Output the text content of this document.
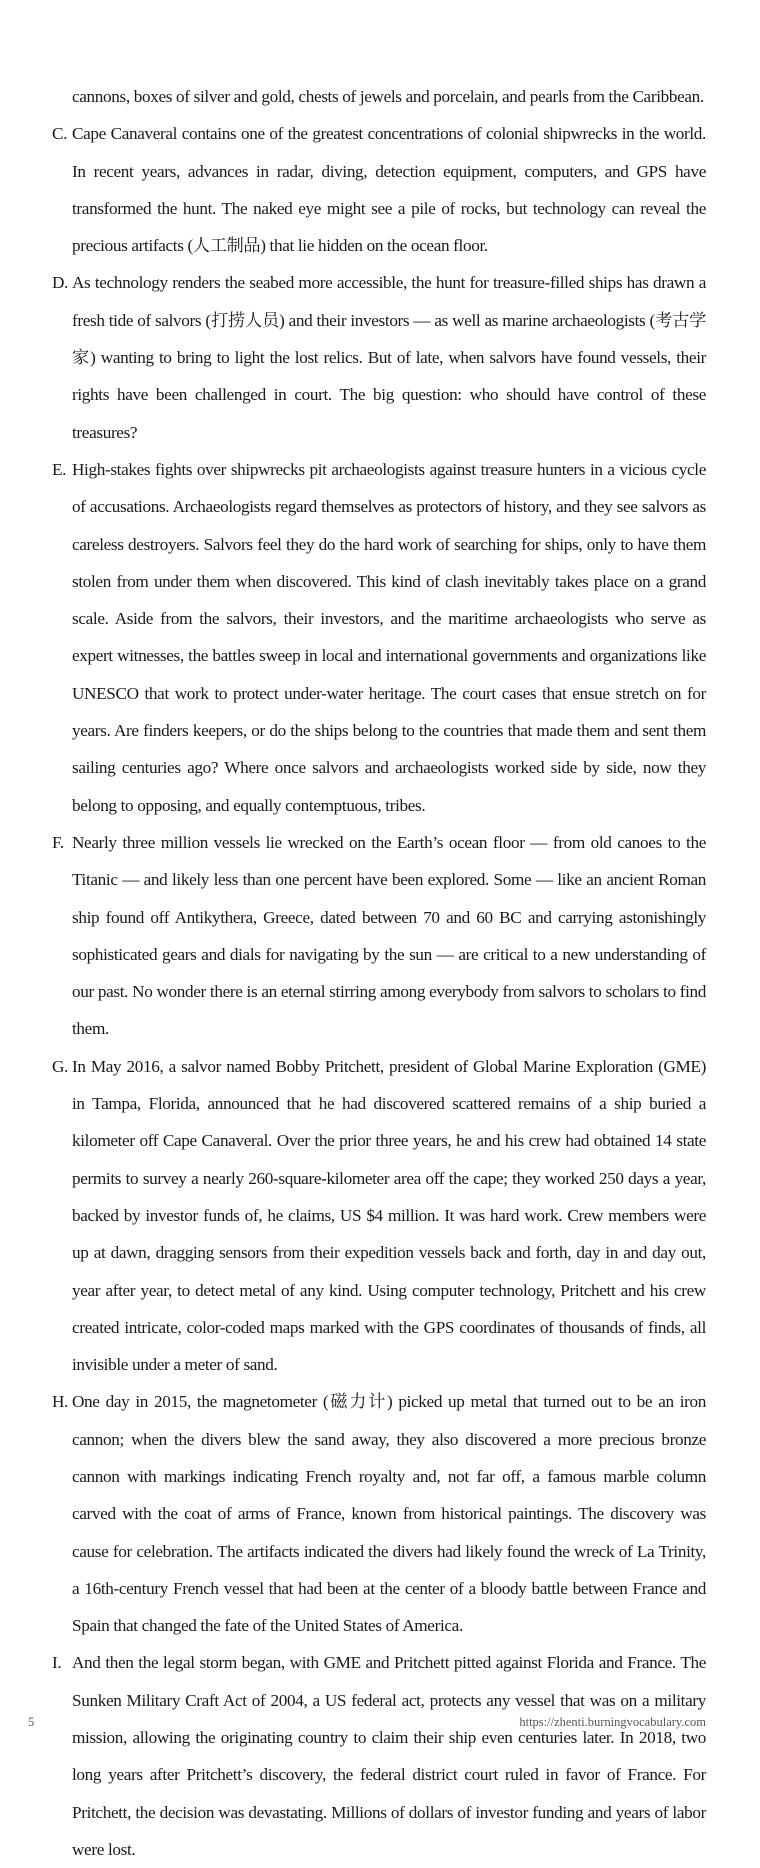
cannons, boxes of silver and gold, chests of jewels and porcelain, and pearls from the Caribbean.

C. Cape Canaveral contains one of the greatest concentrations of colonial shipwrecks in the world. In recent years, advances in radar, diving, detection equipment, computers, and GPS have transformed the hunt. The naked eye might see a pile of rocks, but technology can reveal the precious artifacts (人工制品) that lie hidden on the ocean floor.

D. As technology renders the seabed more accessible, the hunt for treasure-filled ships has drawn a fresh tide of salvors (打捞人员) and their investors — as well as marine archaeologists (考古学家) wanting to bring to light the lost relics. But of late, when salvors have found vessels, their rights have been challenged in court. The big question: who should have control of these treasures?

E. High-stakes fights over shipwrecks pit archaeologists against treasure hunters in a vicious cycle of accusations. Archaeologists regard themselves as protectors of history, and they see salvors as careless destroyers. Salvors feel they do the hard work of searching for ships, only to have them stolen from under them when discovered. This kind of clash inevitably takes place on a grand scale. Aside from the salvors, their investors, and the maritime archaeologists who serve as expert witnesses, the battles sweep in local and international governments and organizations like UNESCO that work to protect under-water heritage. The court cases that ensue stretch on for years. Are finders keepers, or do the ships belong to the countries that made them and sent them sailing centuries ago? Where once salvors and archaeologists worked side by side, now they belong to opposing, and equally contemptuous, tribes.

F. Nearly three million vessels lie wrecked on the Earth’s ocean floor — from old canoes to the Titanic — and likely less than one percent have been explored. Some — like an ancient Roman ship found off Antikythera, Greece, dated between 70 and 60 BC and carrying astonishingly sophisticated gears and dials for navigating by the sun — are critical to a new understanding of our past. No wonder there is an eternal stirring among everybody from salvors to scholars to find them.

G. In May 2016, a salvor named Bobby Pritchett, president of Global Marine Exploration (GME) in Tampa, Florida, announced that he had discovered scattered remains of a ship buried a kilometer off Cape Canaveral. Over the prior three years, he and his crew had obtained 14 state permits to survey a nearly 260-square-kilometer area off the cape; they worked 250 days a year, backed by investor funds of, he claims, US $4 million. It was hard work. Crew members were up at dawn, dragging sensors from their expedition vessels back and forth, day in and day out, year after year, to detect metal of any kind. Using computer technology, Pritchett and his crew created intricate, color-coded maps marked with the GPS coordinates of thousands of finds, all invisible under a meter of sand.

H. One day in 2015, the magnetometer (磁力计) picked up metal that turned out to be an iron cannon; when the divers blew the sand away, they also discovered a more precious bronze cannon with markings indicating French royalty and, not far off, a famous marble column carved with the coat of arms of France, known from historical paintings. The discovery was cause for celebration. The artifacts indicated the divers had likely found the wreck of La Trinity, a 16th-century French vessel that had been at the center of a bloody battle between France and Spain that changed the fate of the United States of America.

I. And then the legal storm began, with GME and Pritchett pitted against Florida and France. The Sunken Military Craft Act of 2004, a US federal act, protects any vessel that was on a military mission, allowing the originating country to claim their ship even centuries later. In 2018, two long years after Pritchett’s discovery, the federal district court ruled in favor of France. For Pritchett, the decision was devastating. Millions of dollars of investor funding and years of labor were lost.

5	https://zhenti.burningvocabulary.com
